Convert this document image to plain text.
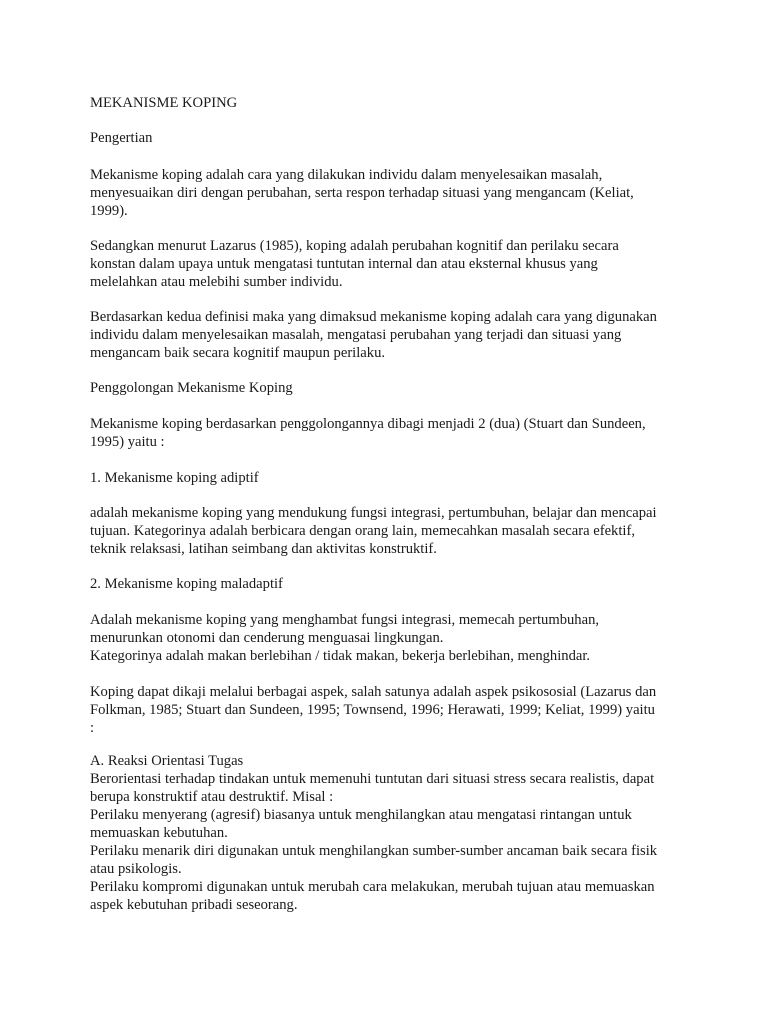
MEKANISME KOPING
Pengertian
Mekanisme koping adalah cara yang dilakukan individu dalam menyelesaikan masalah,
menyesuaikan diri dengan perubahan, serta respon terhadap situasi yang mengancam (Keliat,
1999).
Sedangkan menurut Lazarus (1985), koping adalah perubahan kognitif dan perilaku secara
konstan dalam upaya untuk mengatasi tuntutan internal dan atau eksternal khusus yang
melelahkan atau melebihi sumber individu.
Berdasarkan kedua definisi maka yang dimaksud mekanisme koping adalah cara yang digunakan
individu dalam menyelesaikan masalah, mengatasi perubahan yang terjadi dan situasi yang
mengancam baik secara kognitif maupun perilaku.
Penggolongan Mekanisme Koping
Mekanisme koping berdasarkan penggolongannya dibagi menjadi 2 (dua) (Stuart dan Sundeen,
1995) yaitu :
1. Mekanisme koping adiptif
adalah mekanisme koping yang mendukung fungsi integrasi, pertumbuhan, belajar dan mencapai
tujuan. Kategorinya adalah berbicara dengan orang lain, memecahkan masalah secara efektif,
teknik relaksasi, latihan seimbang dan aktivitas konstruktif.
2. Mekanisme koping maladaptif
Adalah mekanisme koping yang menghambat fungsi integrasi, memecah pertumbuhan,
menurunkan otonomi dan cenderung menguasai lingkungan.
Kategorinya adalah makan berlebihan / tidak makan, bekerja berlebihan, menghindar.
Koping dapat dikaji melalui berbagai aspek, salah satunya adalah aspek psikososial (Lazarus dan
Folkman, 1985; Stuart dan Sundeen, 1995; Townsend, 1996; Herawati, 1999; Keliat, 1999) yaitu
:
A. Reaksi Orientasi Tugas
Berorientasi terhadap tindakan untuk memenuhi tuntutan dari situasi stress secara realistis, dapat
berupa konstruktif atau destruktif. Misal :
Perilaku menyerang (agresif) biasanya untuk menghilangkan atau mengatasi rintangan untuk
memuaskan kebutuhan.
Perilaku menarik diri digunakan untuk menghilangkan sumber-sumber ancaman baik secara fisik
atau psikologis.
Perilaku kompromi digunakan untuk merubah cara melakukan, merubah tujuan atau memuaskan
aspek kebutuhan pribadi seseorang.
